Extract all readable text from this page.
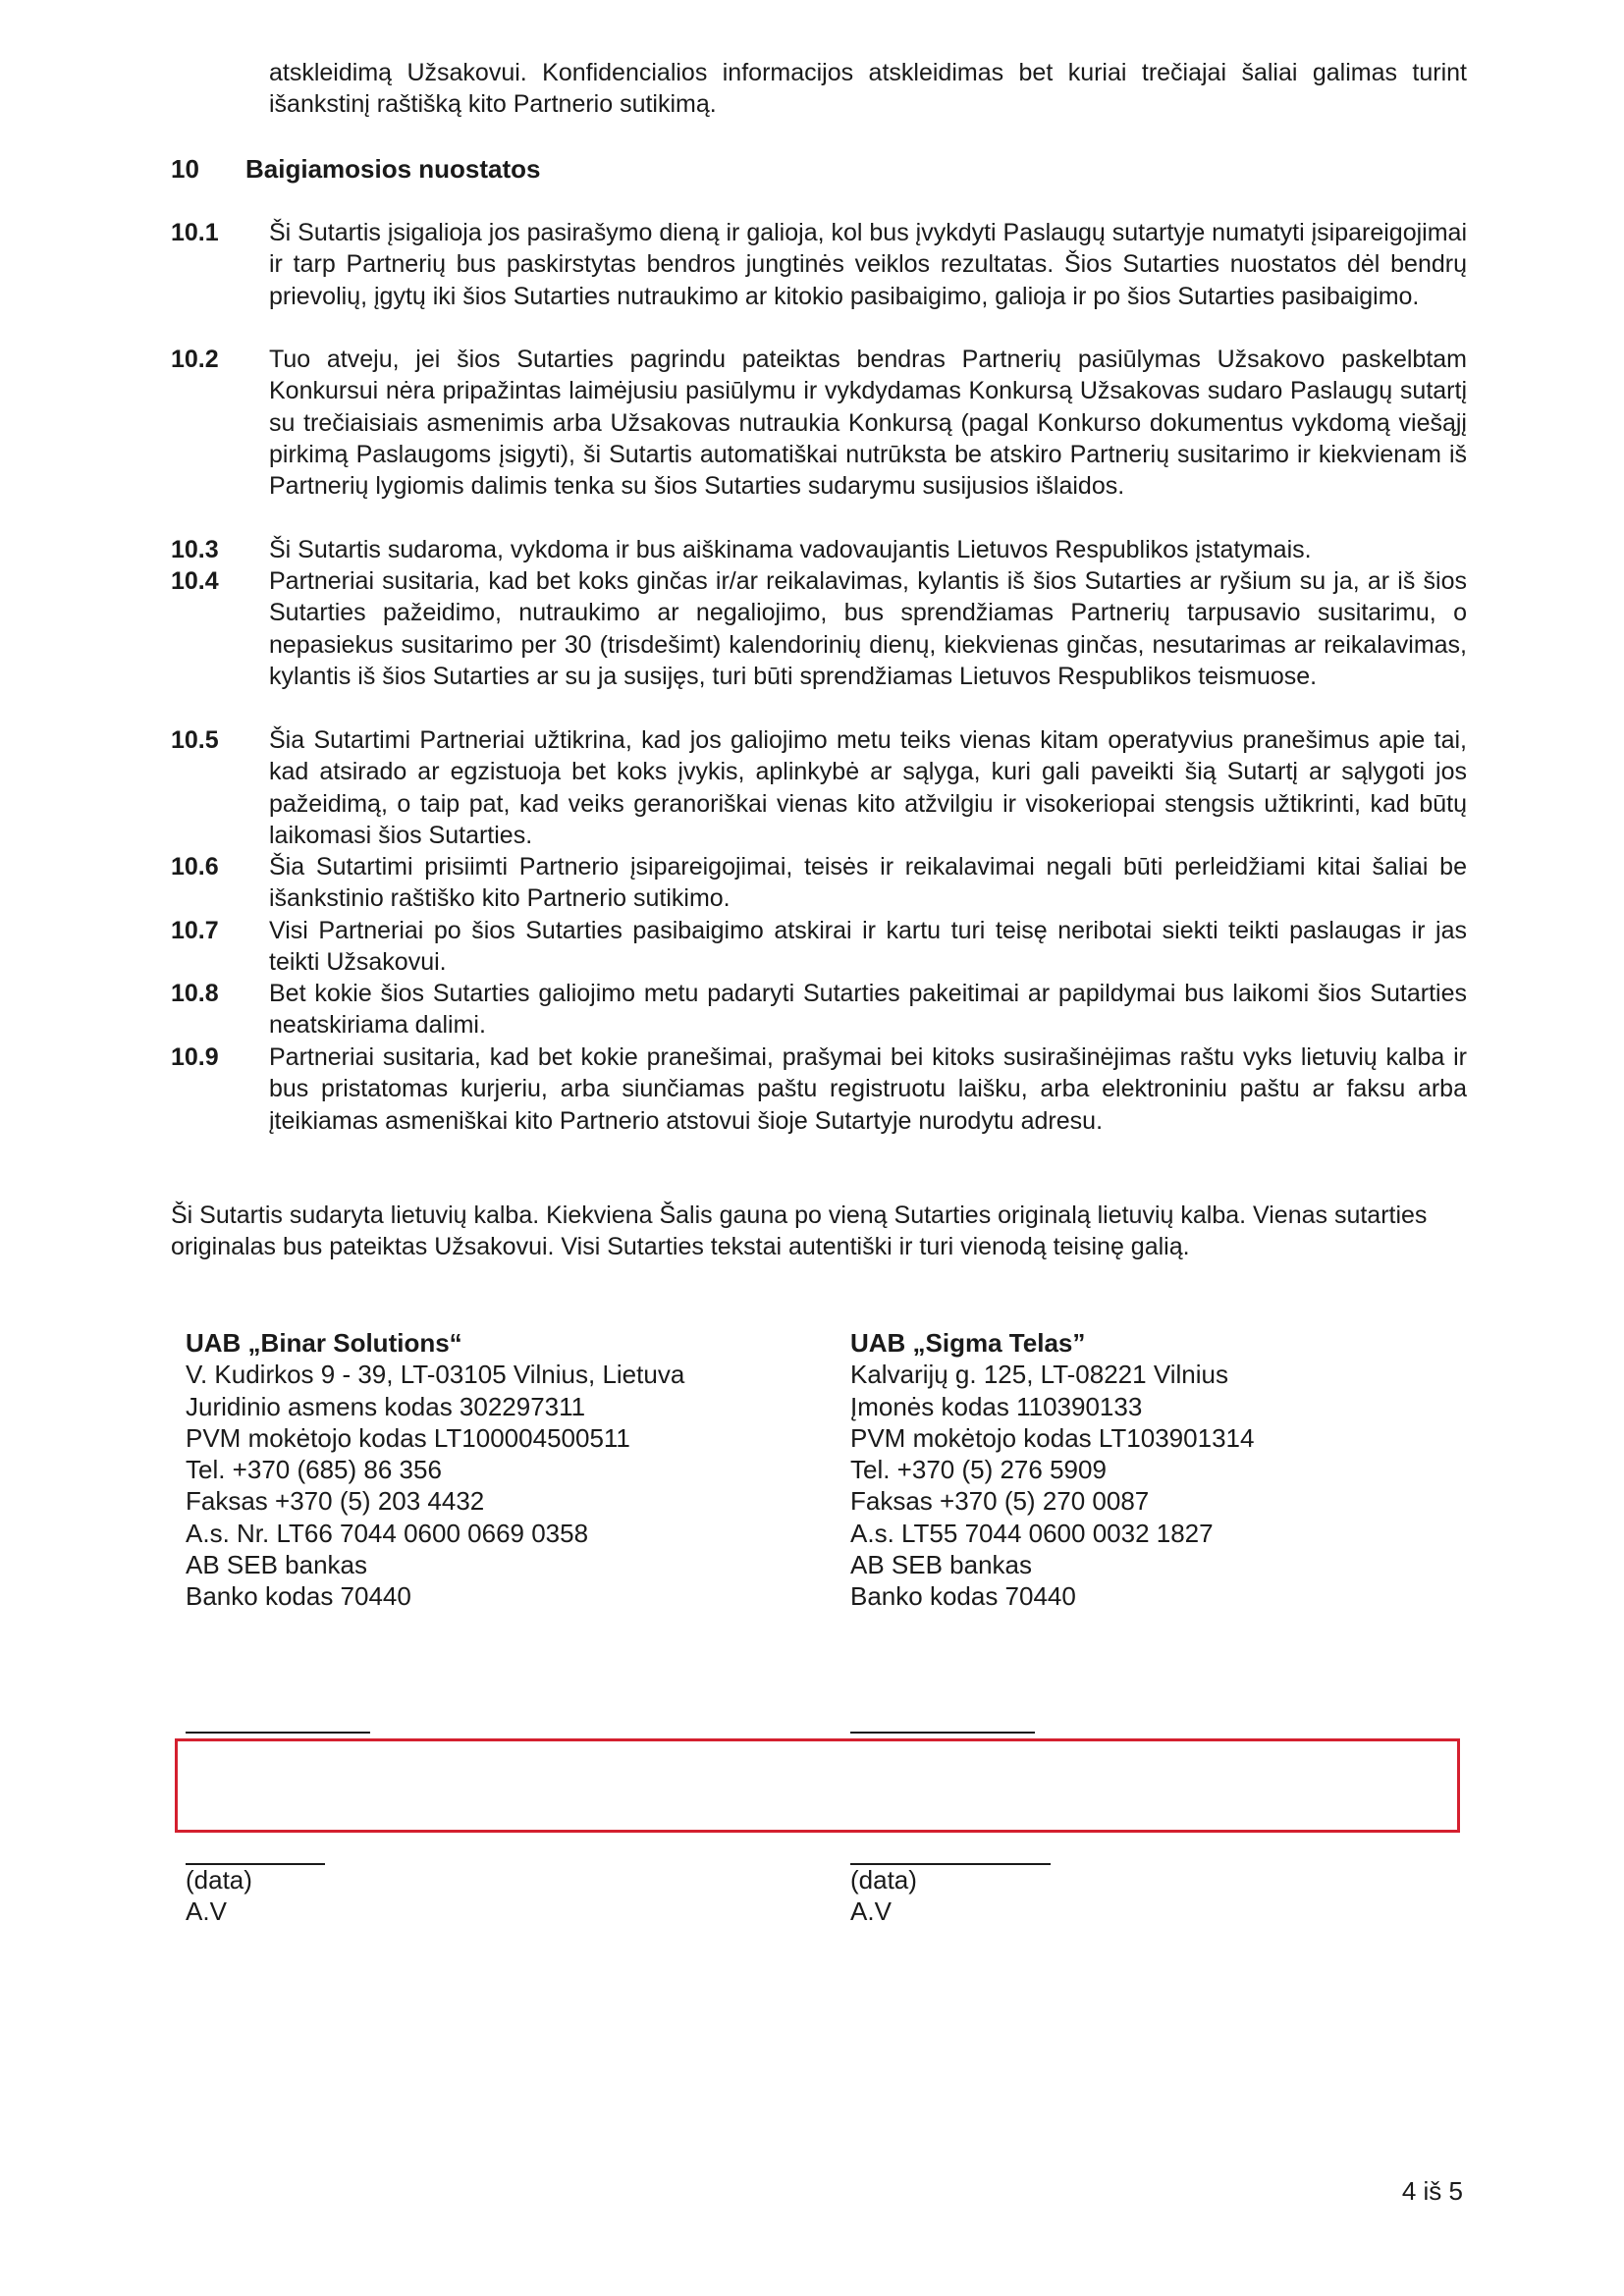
atskleidimą Užsakovui. Konfidencialios informacijos atskleidimas bet kuriai trečiajai šaliai galimas turint išankstinį raštišką kito Partnerio sutikimą.
10 Baigiamosios nuostatos
10.1	Ši Sutartis įsigalioja jos pasirašymo dieną ir galioja, kol bus įvykdyti Paslaugų sutartyje numatyti įsipareigojimai ir tarp Partnerių bus paskirstytas bendros jungtinės veiklos rezultatas. Šios Sutarties nuostatos dėl bendrų prievolių, įgytų iki šios Sutarties nutraukimo ar kitokio pasibaigimo, galioja ir po šios Sutarties pasibaigimo.
10.2	Tuo atveju, jei šios Sutarties pagrindu pateiktas bendras Partnerių pasiūlymas Užsakovo paskelbtam Konkursui nėra pripažintas laimėjusiu pasiūlymu ir vykdydamas Konkursą Užsakovas sudaro Paslaugų sutartį su trečiaisiais asmenimis arba Užsakovas nutraukia Konkursą (pagal Konkurso dokumentus vykdomą viešąjį pirkimą Paslaugoms įsigyti), ši Sutartis automatiškai nutrūksta be atskiro Partnerių susitarimo ir kiekvienam iš Partnerių lygiomis dalimis tenka su šios Sutarties sudarymu susijusios išlaidos.
10.3	Ši Sutartis sudaroma, vykdoma ir bus aiškinama vadovaujantis Lietuvos Respublikos įstatymais.
10.4	Partneriai susitaria, kad bet koks ginčas ir/ar reikalavimas, kylantis iš šios Sutarties ar ryšium su ja, ar iš šios Sutarties pažeidimo, nutraukimo ar negaliojimo, bus sprendžiamas Partnerių tarpusavio susitarimu, o nepasiekus susitarimo per 30 (trisdešimt) kalendorinių dienų, kiekvienas ginčas, nesutarimas ar reikalavimas, kylantis iš šios Sutarties ar su ja susijęs, turi būti sprendžiamas Lietuvos Respublikos teismuose.
10.5	Šia Sutartimi Partneriai užtikrina, kad jos galiojimo metu teiks vienas kitam operatyvius pranešimus apie tai, kad atsirado ar egzistuoja bet koks įvykis, aplinkybė ar sąlyga, kuri gali paveikti šią Sutartį ar sąlygoti jos pažeidimą, o taip pat, kad veiks geranoriškai vienas kito atžvilgiu ir visokeriopai stengsis užtikrinti, kad būtų laikomasi šios Sutarties.
10.6	Šia Sutartimi prisiimti Partnerio įsipareigojimai, teisės ir reikalavimai negali būti perleidžiami kitai šaliai be išankstinio raštiško kito Partnerio sutikimo.
10.7	Visi Partneriai po šios Sutarties pasibaigimo atskirai ir kartu turi teisę neribotai siekti teikti paslaugas ir jas teikti Užsakovui.
10.8	Bet kokie šios Sutarties galiojimo metu padaryti Sutarties pakeitimai ar papildymai bus laikomi šios Sutarties neatskiriama dalimi.
10.9	Partneriai susitaria, kad bet kokie pranešimai, prašymai bei kitoks susirašinėjimas raštu vyks lietuvių kalba ir bus pristatomas kurjeriu, arba siunčiamas paštu registruotu laišku, arba elektroniniu paštu ar faksu arba įteikiamas asmeniškai kito Partnerio atstovui šioje Sutartyje nurodytu adresu.
Ši Sutartis sudaryta lietuvių kalba. Kiekviena Šalis gauna po vieną Sutarties originalą lietuvių kalba. Vienas sutarties originalas bus pateiktas Užsakovui. Visi Sutarties tekstai autentiški ir turi vienodą teisinę galią.
UAB „Binar Solutions“
V. Kudirkos 9 - 39, LT-03105 Vilnius, Lietuva
Juridinio asmens kodas 302297311
PVM mokėtojo kodas LT100004500511
Tel. +370 (685) 86 356
Faksas +370 (5) 203 4432
A.s. Nr. LT66 7044 0600 0669 0358
AB SEB bankas
Banko kodas 70440
UAB „Sigma Telas”
Kalvarijų g. 125, LT-08221 Vilnius
Įmonės kodas 110390133
PVM mokėtojo kodas LT103901314
Tel. +370 (5) 276 5909
Faksas +370 (5) 270 0087
A.s. LT55 7044 0600 0032 1827
AB SEB bankas
Banko kodas 70440
(data)
A.V
(data)
A.V
4 iš 5
